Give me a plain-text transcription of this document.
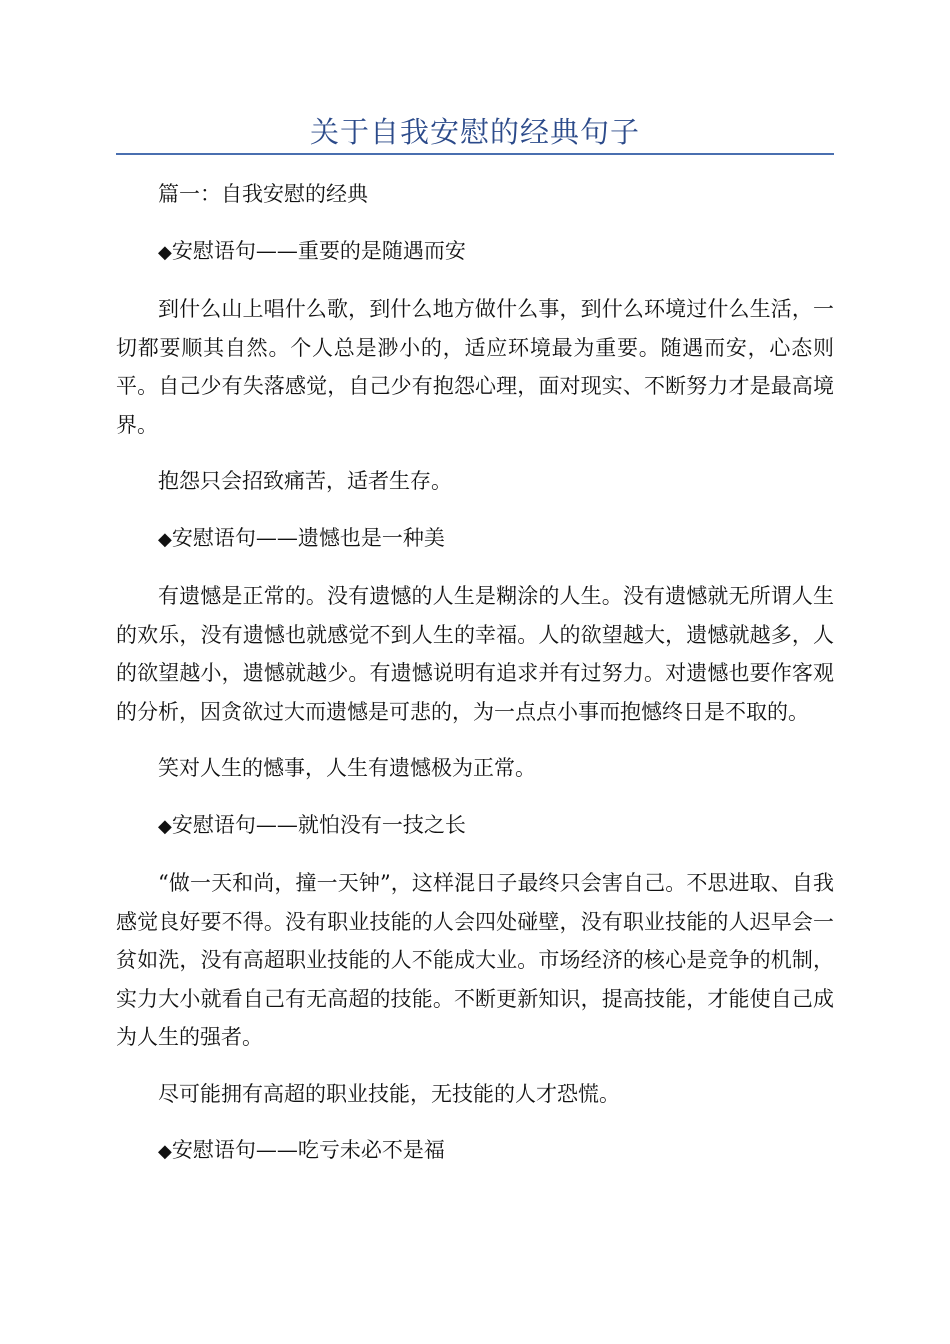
关于自我安慰的经典句子

篇一：自我安慰的经典

◆安慰语句——重要的是随遇而安

到什么山上唱什么歌，到什么地方做什么事，到什么环境过什么生活，一切都要顺其自然。个人总是渺小的，适应环境最为重要。随遇而安，心态则平。自己少有失落感觉，自己少有抱怨心理，面对现实、不断努力才是最高境界。

抱怨只会招致痛苦，适者生存。

◆安慰语句——遗憾也是一种美

有遗憾是正常的。没有遗憾的人生是糊涂的人生。没有遗憾就无所谓人生的欢乐，没有遗憾也就感觉不到人生的幸福。人的欲望越大，遗憾就越多，人的欲望越小，遗憾就越少。有遗憾说明有追求并有过努力。对遗憾也要作客观的分析，因贪欲过大而遗憾是可悲的，为一点点小事而抱憾终日是不取的。

笑对人生的憾事，人生有遗憾极为正常。

◆安慰语句——就怕没有一技之长

“做一天和尚，撞一天钟”，这样混日子最终只会害自己。不思进取、自我感觉良好要不得。没有职业技能的人会四处碰壁，没有职业技能的人迟早会一贫如洗，没有高超职业技能的人不能成大业。市场经济的核心是竞争的机制，实力大小就看自己有无高超的技能。不断更新知识，提高技能，才能使自己成为人生的强者。

尽可能拥有高超的职业技能，无技能的人才恐慌。

◆安慰语句——吃亏未必不是福
